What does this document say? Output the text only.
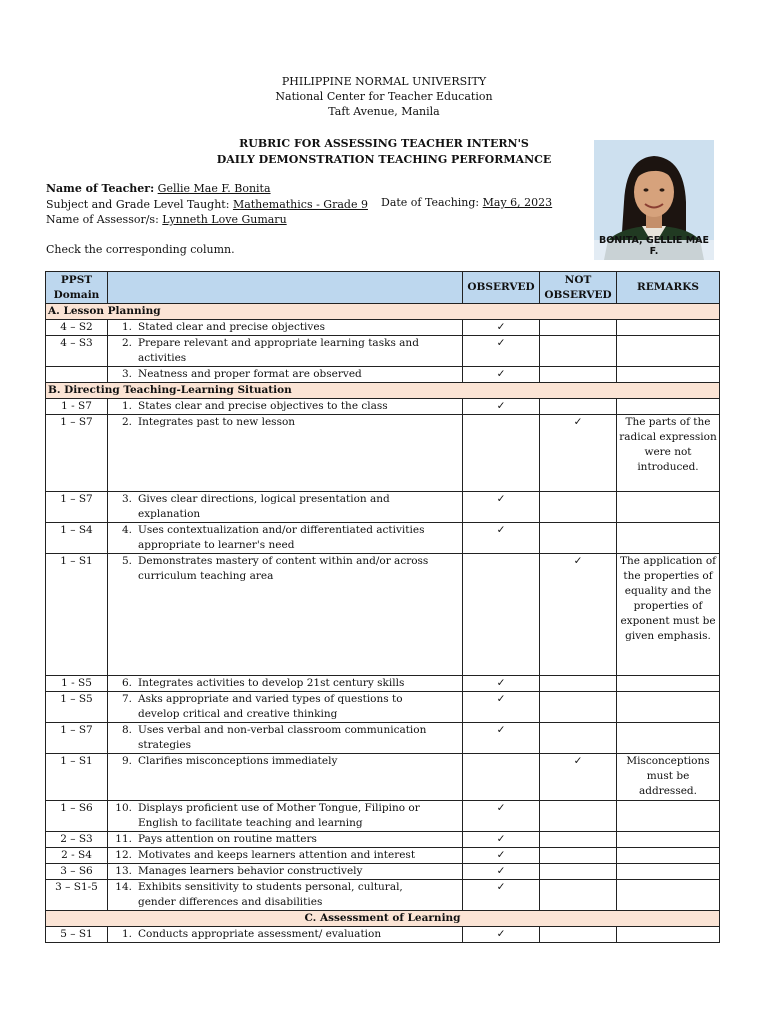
PHILIPPINE NORMAL UNIVERSITY
National Center for Teacher Education
Taft Avenue, Manila
RUBRIC FOR ASSESSING TEACHER INTERN'S
DAILY DEMONSTRATION TEACHING PERFORMANCE
Name of Teacher: Gellie Mae F. Bonita
Subject and Grade Level Taught: Mathemathics - Grade 9
Name of Assessor/s: Lynneth Love Gumaru
Date of Teaching: May 6, 2023
Check the corresponding column.
BONITA, GELLIE MAE F.
PPST Domain		OBSERVED	NOT OBSERVED	REMARKS
A. Lesson Planning				
4 – S2	1. Stated clear and precise objectives	✓		
4 – S3	2. Prepare relevant and appropriate learning tasks and activities	✓		
	3. Neatness and proper format are observed	✓		
B. Directing Teaching-Learning Situation				
1 - S7	1. States clear and precise objectives to the class	✓		
1 – S7	2. Integrates past to new lesson		✓	The parts of the radical expression were not introduced.
1 – S7	3. Gives clear directions, logical presentation and explanation	✓		
1 – S4	4. Uses contextualization and/or differentiated activities appropriate to learner's need	✓		
1 – S1	5. Demonstrates mastery of content within and/or across curriculum teaching area		✓	The application of the properties of equality and the properties of exponent must be given emphasis.
1 - S5	6. Integrates activities to develop 21st century skills	✓		
1 – S5	7. Asks appropriate and varied types of questions to develop critical and creative thinking	✓		
1 – S7	8. Uses verbal and non-verbal classroom communication strategies	✓		
1 – S1	9. Clarifies misconceptions immediately		✓	Misconceptions must be addressed.
1 – S6	10. Displays proficient use of Mother Tongue, Filipino or English to facilitate teaching and learning	✓		
2 – S3	11. Pays attention on routine matters	✓		
2 - S4	12. Motivates and keeps learners attention and interest	✓		
3 – S6	13. Manages learners behavior constructively	✓		
3 – S1-5	14. Exhibits sensitivity to students personal, cultural, gender differences and disabilities	✓		
C. Assessment of Learning				
5 – S1	1. Conducts appropriate assessment/ evaluation	✓		
